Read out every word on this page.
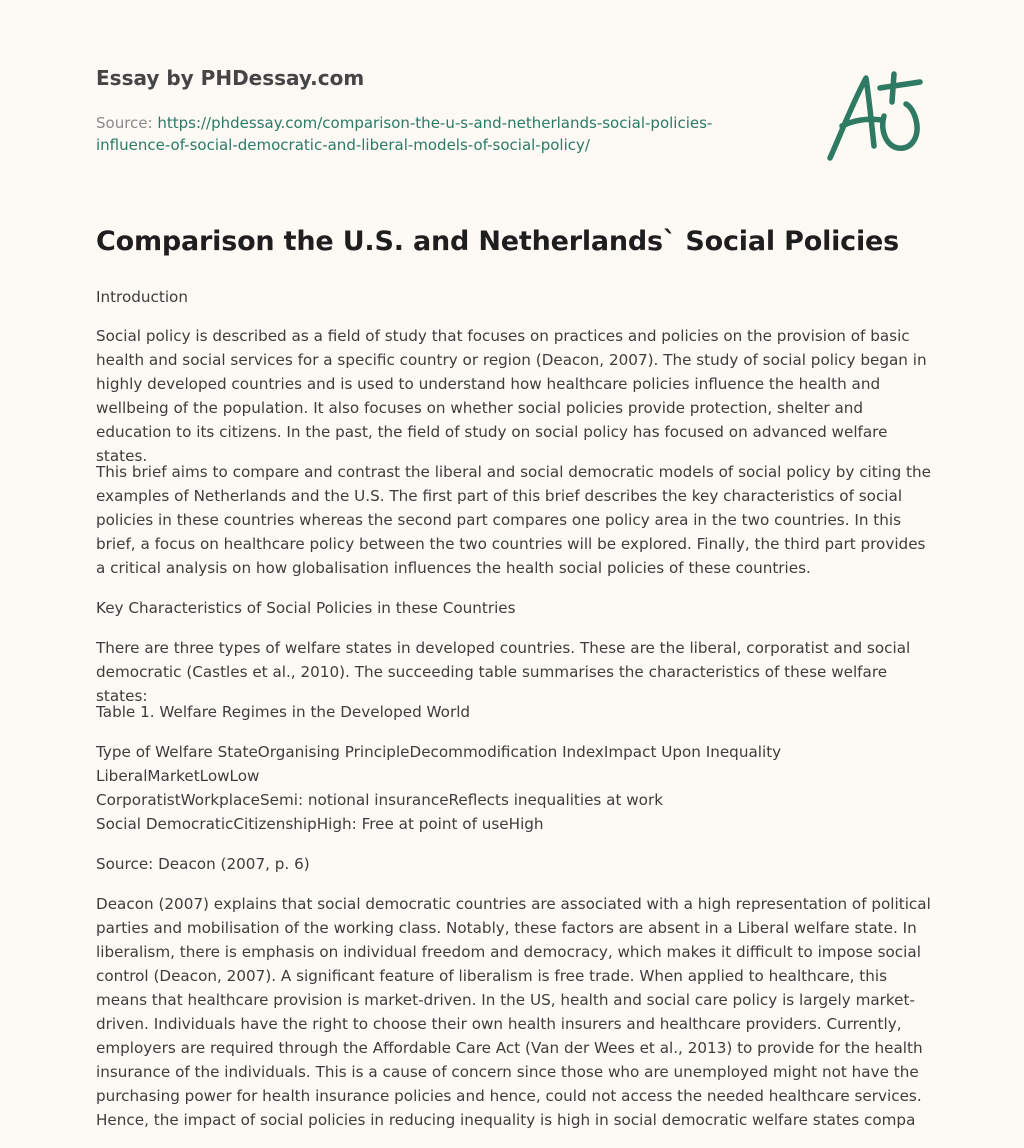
Essay by PHDessay.com

Source: https://phdessay.com/comparison-the-u-s-and-netherlands-social-policies-influence-of-social-democratic-and-liberal-models-of-social-policy/
Comparison the U.S. and Netherlands` Social Policies

Introduction

Social policy is described as a field of study that focuses on practices and policies on the provision of basic health and social services for a specific country or region (Deacon, 2007). The study of social policy began in highly developed countries and is used to understand how healthcare policies influence the health and wellbeing of the population. It also focuses on whether social policies provide protection, shelter and education to its citizens. In the past, the field of study on social policy has focused on advanced welfare states.

This brief aims to compare and contrast the liberal and social democratic models of social policy by citing the examples of Netherlands and the U.S. The first part of this brief describes the key characteristics of social policies in these countries whereas the second part compares one policy area in the two countries. In this brief, a focus on healthcare policy between the two countries will be explored. Finally, the third part provides a critical analysis on how globalisation influences the health social policies of these countries.

Key Characteristics of Social Policies in these Countries

There are three types of welfare states in developed countries. These are the liberal, corporatist and social democratic (Castles et al., 2010). The succeeding table summarises the characteristics of these welfare states:

Table 1. Welfare Regimes in the Developed World

Type of Welfare StateOrganising PrincipleDecommodification IndexImpact Upon Inequality
LiberalMarketLowLow
CorporatistWorkplaceSemi: notional insuranceReflects inequalities at work
Social DemocraticCitizenshipHigh: Free at point of useHigh

Source: Deacon (2007, p. 6)

Deacon (2007) explains that social democratic countries are associated with a high representation of political parties and mobilisation of the working class. Notably, these factors are absent in a Liberal welfare state. In liberalism, there is emphasis on individual freedom and democracy, which makes it difficult to impose social control (Deacon, 2007). A significant feature of liberalism is free trade. When applied to healthcare, this means that healthcare provision is market-driven. In the US, health and social care policy is largely market-driven. Individuals have the right to choose their own health insurers and healthcare providers. Currently, employers are required through the Affordable Care Act (Van der Wees et al., 2013) to provide for the health insurance of the individuals. This is a cause of concern since those who are unemployed might not have the purchasing power for health insurance policies and hence, could not access the needed healthcare services. Hence, the impact of social policies in reducing inequality is high in social democratic welfare states compa
